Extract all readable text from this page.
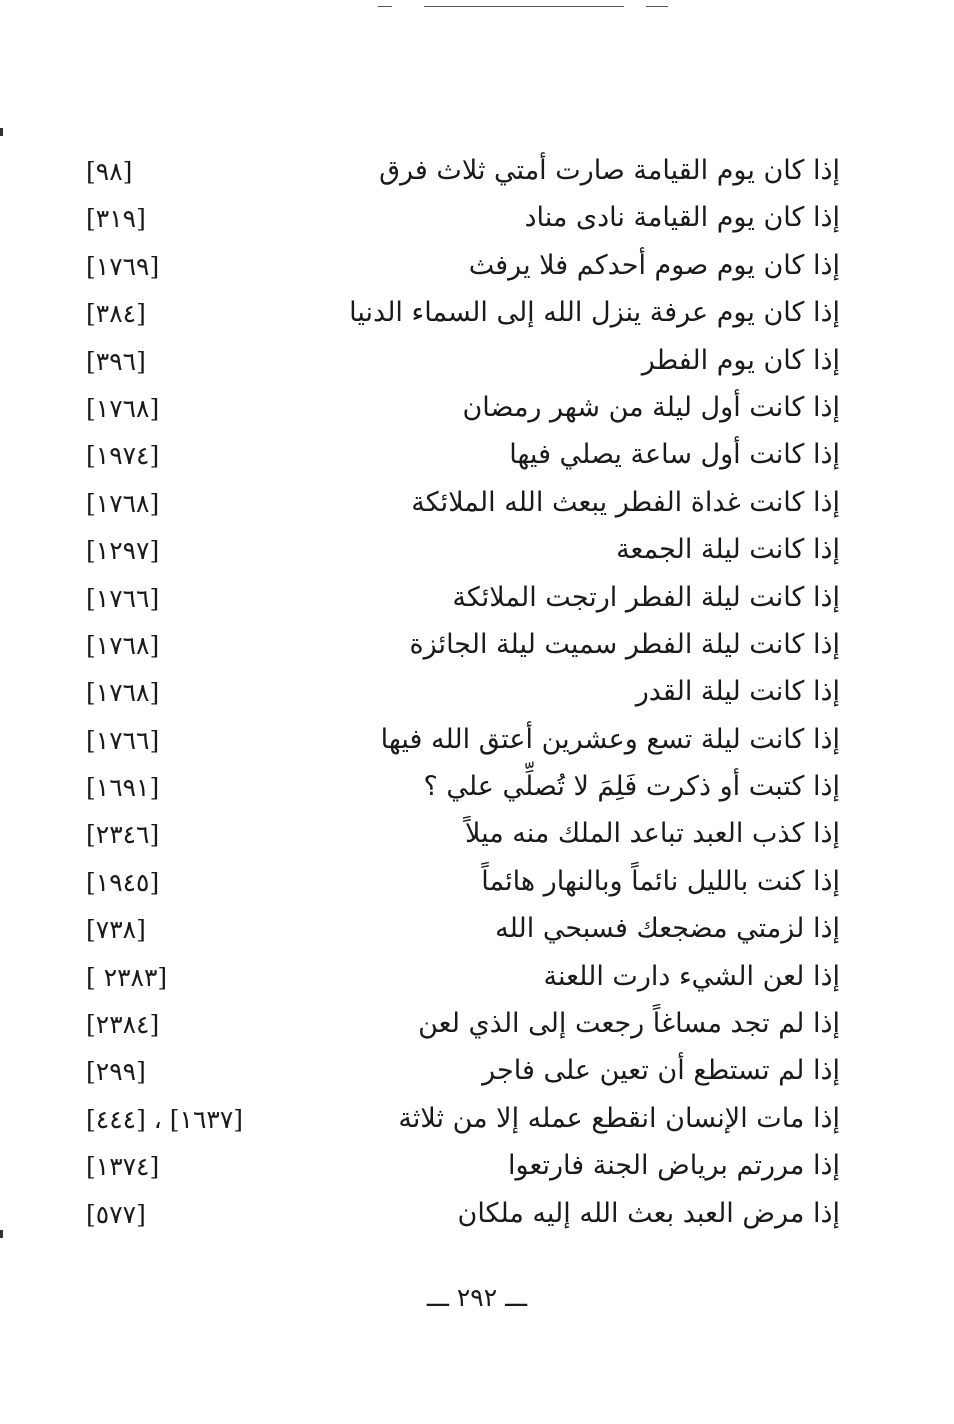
إذا كان يوم القيامة صارت أمتي ثلاث فرق
[٩٨]
إذا كان يوم القيامة نادى مناد
[٣١٩]
إذا كان يوم صوم أحدكم فلا يرفث
[١٧٦٩]
إذا كان يوم عرفة ينزل الله إلى السماء الدنيا
[٣٨٤]
إذا كان يوم الفطر
[٣٩٦]
إذا كانت أول ليلة من شهر رمضان
[١٧٦٨]
إذا كانت أول ساعة يصلي فيها
[١٩٧٤]
إذا كانت غداة الفطر يبعث الله الملائكة
[١٧٦٨]
إذا كانت ليلة الجمعة
[١٢٩٧]
إذا كانت ليلة الفطر ارتجت الملائكة
[١٧٦٦]
إذا كانت ليلة الفطر سميت ليلة الجائزة
[١٧٦٨]
إذا كانت ليلة القدر
[١٧٦٨]
إذا كانت ليلة تسع وعشرين أعتق الله فيها
[١٧٦٦]
إذا كتبت أو ذكرت فَلِمَ لا تُصلِّي علي ؟
[١٦٩١]
إذا كذب العبد تباعد الملك منه ميلاً
[٢٣٤٦]
إذا كنت بالليل نائماً وبالنهار هائماً
[١٩٤٥]
إذا لزمتي مضجعك فسبحي الله
[٧٣٨]
إذا لعن الشيء دارت اللعنة
[٢٣٨٣ ]
إذا لم تجد مساغاً رجعت إلى الذي لعن
[٢٣٨٤]
إذا لم تستطع أن تعين على فاجر
[٢٩٩]
إذا مات الإنسان انقطع عمله إلا من ثلاثة
[١٦٣٧] ، [٤٤٤]
إذا مررتم برياض الجنة فارتعوا
[١٣٧٤]
إذا مرض العبد بعث الله إليه ملكان
[٥٧٧]
ـــ ٢٩٢ ـــ
